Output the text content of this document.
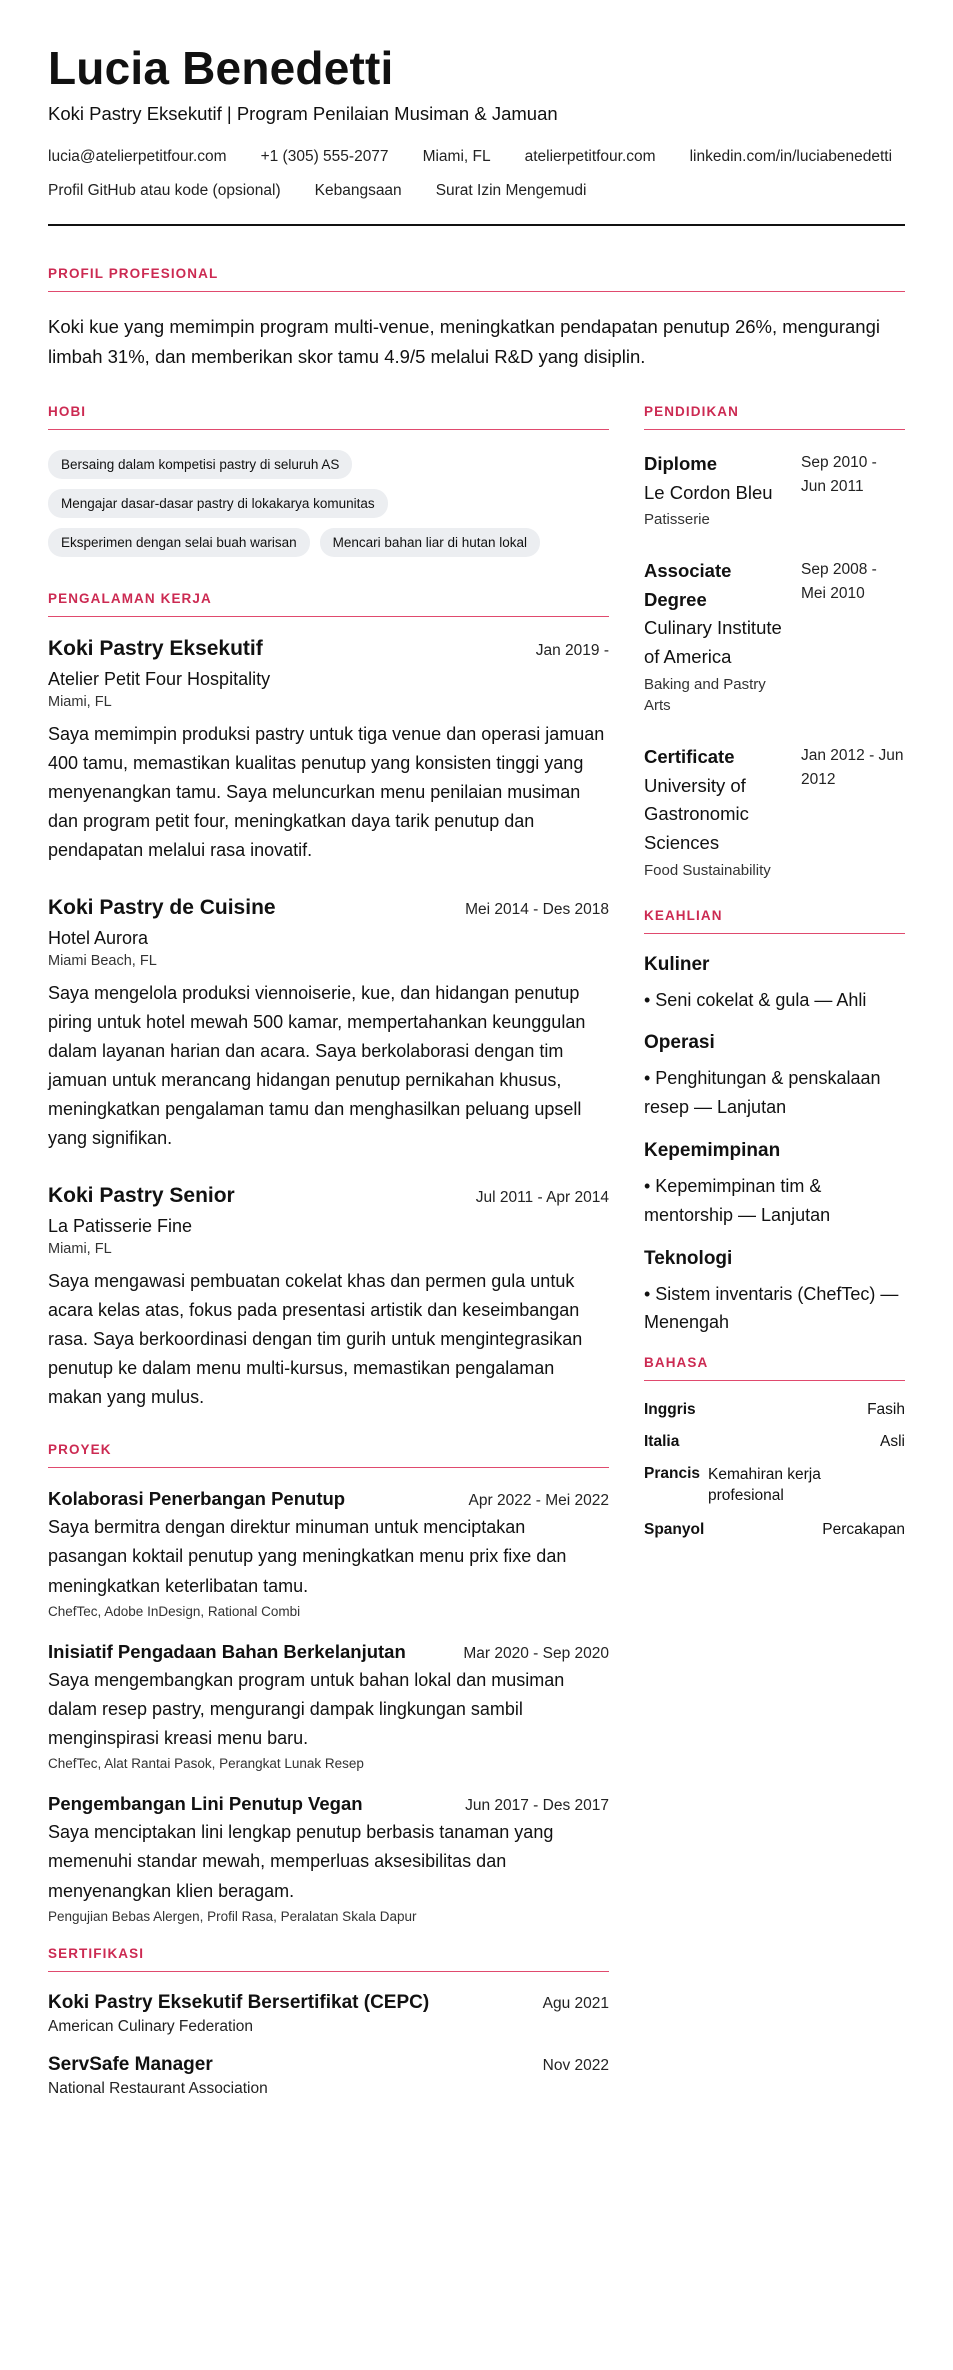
Lucia Benedetti
Koki Pastry Eksekutif | Program Penilaian Musiman & Jamuan
lucia@atelierpetitfour.com +1 (305) 555-2077 Miami, FL atelierpetitfour.com linkedin.com/in/luciabenedetti
Profil GitHub atau kode (opsional) Kebangsaan Surat Izin Mengemudi
PROFIL PROFESIONAL

Koki kue yang memimpin program multi-venue, meningkatkan pendapatan penutup 26%, mengurangi limbah 31%, dan memberikan skor tamu 4.9/5 melalui R&D yang disiplin.

HOBI
Bersaing dalam kompetisi pastry di seluruh AS
Mengajar dasar-dasar pastry di lokakarya komunitas
Eksperimen dengan selai buah warisan	Mencari bahan liar di hutan lokal
PENGALAMAN KERJA
Koki Pastry Eksekutif	Jan 2019 -
Atelier Petit Four Hospitality
Miami, FL

Saya memimpin produksi pastry untuk tiga venue dan operasi jamuan 400 tamu, memastikan kualitas penutup yang konsisten tinggi yang menyenangkan tamu. Saya meluncurkan menu penilaian musiman dan program petit four, meningkatkan daya tarik penutup dan pendapatan melalui rasa inovatif.

Koki Pastry de Cuisine	Mei 2014 - Des 2018
Hotel Aurora
Miami Beach, FL

Saya mengelola produksi viennoiserie, kue, dan hidangan penutup piring untuk hotel mewah 500 kamar, mempertahankan keunggulan dalam layanan harian dan acara. Saya berkolaborasi dengan tim jamuan untuk merancang hidangan penutup pernikahan khusus, meningkatkan pengalaman tamu dan menghasilkan peluang upsell yang signifikan.

Koki Pastry Senior	Jul 2011 - Apr 2014
La Patisserie Fine
Miami, FL

Saya mengawasi pembuatan cokelat khas dan permen gula untuk acara kelas atas, fokus pada presentasi artistik dan keseimbangan rasa. Saya berkoordinasi dengan tim gurih untuk mengintegrasikan penutup ke dalam menu multi-kursus, memastikan pengalaman makan yang mulus.

PROYEK
Kolaborasi Penerbangan Penutup	Apr 2022 - Mei 2022

Saya bermitra dengan direktur minuman untuk menciptakan pasangan koktail penutup yang meningkatkan menu prix fixe dan meningkatkan keterlibatan tamu.

ChefTec, Adobe InDesign, Rational Combi
Inisiatif Pengadaan Bahan Berkelanjutan	Mar 2020 - Sep 2020

Saya mengembangkan program untuk bahan lokal dan musiman dalam resep pastry, mengurangi dampak lingkungan sambil menginspirasi kreasi menu baru.

ChefTec, Alat Rantai Pasok, Perangkat Lunak Resep
Pengembangan Lini Penutup Vegan	Jun 2017 - Des 2017

Saya menciptakan lini lengkap penutup berbasis tanaman yang memenuhi standar mewah, memperluas aksesibilitas dan menyenangkan klien beragam.

Pengujian Bebas Alergen, Profil Rasa, Peralatan Skala Dapur
SERTIFIKASI
Koki Pastry Eksekutif Bersertifikat (CEPC)	Agu 2021
American Culinary Federation
ServSafe Manager	Nov 2022
National Restaurant Association
PENDIDIKAN
Diplome
Le Cordon Bleu
Patisserie
Sep 2010 - Jun 2011
Associate Degree
Culinary Institute of America
Baking and Pastry Arts
Sep 2008 - Mei 2010
Certificate
University of Gastronomic Sciences
Food Sustainability
Jan 2012 - Jun 2012
KEAHLIAN
Kuliner
• Seni cokelat & gula — Ahli
Operasi
• Penghitungan & penskalaan resep — Lanjutan
Kepemimpinan
• Kepemimpinan tim & mentorship — Lanjutan
Teknologi
• Sistem inventaris (ChefTec) — Menengah
BAHASA
Inggris	Fasih
Italia	Asli
Prancis Kemahiran kerja profesional
Spanyol	Percakapan
